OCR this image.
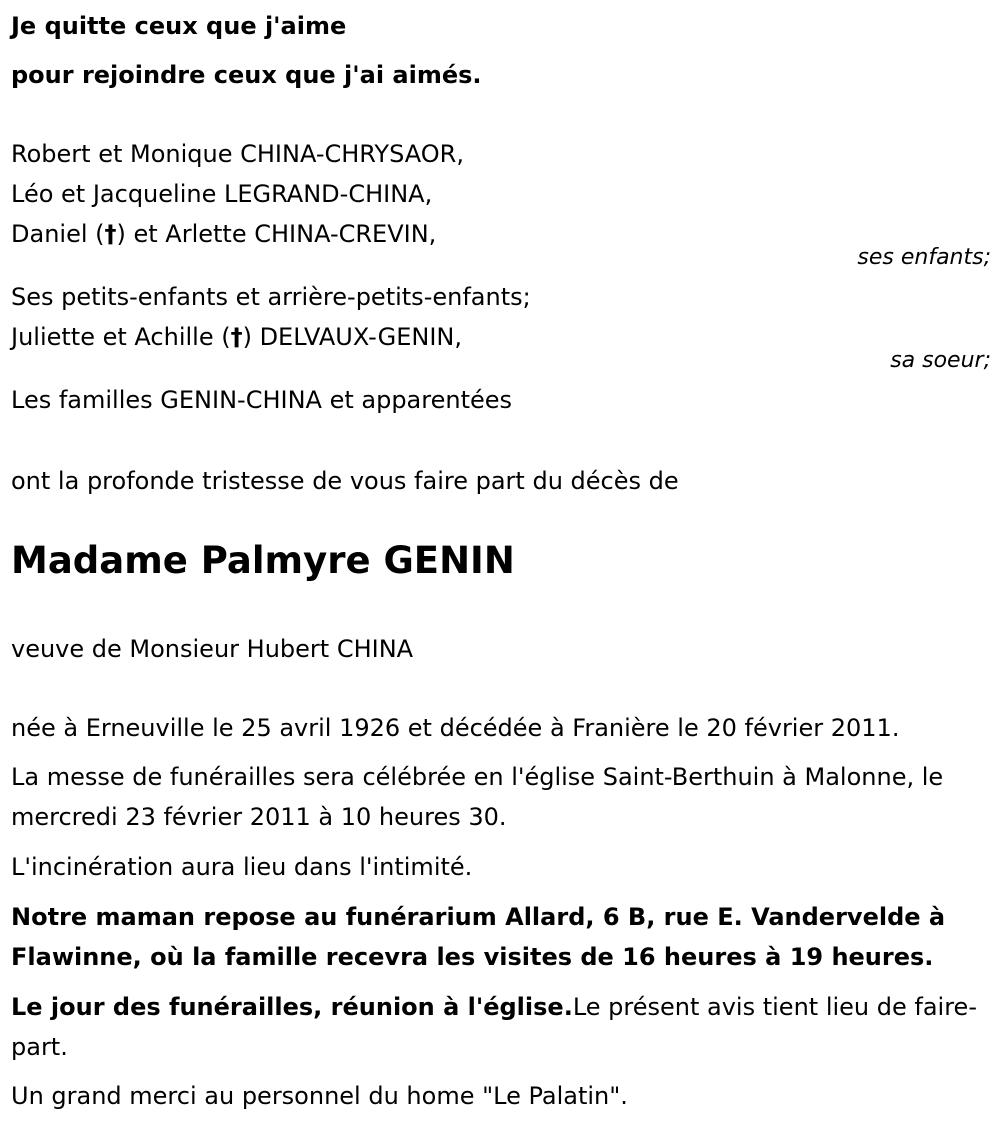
Je quitte ceux que j'aime
pour rejoindre ceux que j'ai aimés.
Robert et Monique CHINA-CHRYSAOR,
Léo et Jacqueline LEGRAND-CHINA,
Daniel (†) et Arlette CHINA-CREVIN,
ses enfants;
Ses petits-enfants et arrière-petits-enfants;
Juliette et Achille (†) DELVAUX-GENIN,
sa soeur;
Les familles GENIN-CHINA et apparentées
ont la profonde tristesse de vous faire part du décès de
Madame Palmyre GENIN
veuve de Monsieur Hubert CHINA
née à Erneuville le 25 avril 1926 et décédée à Franière le 20 février 2011.
La messe de funérailles sera célébrée en l'église Saint-Berthuin à Malonne, le mercredi 23 février 2011 à 10 heures 30.
L'incinération aura lieu dans l'intimité.
Notre maman repose au funérarium Allard, 6 B, rue E. Vandervelde à Flawinne, où la famille recevra les visites de 16 heures à 19 heures.
Le jour des funérailles, réunion à l'église.Le présent avis tient lieu de faire-part.
Un grand merci au personnel du home "Le Palatin".
